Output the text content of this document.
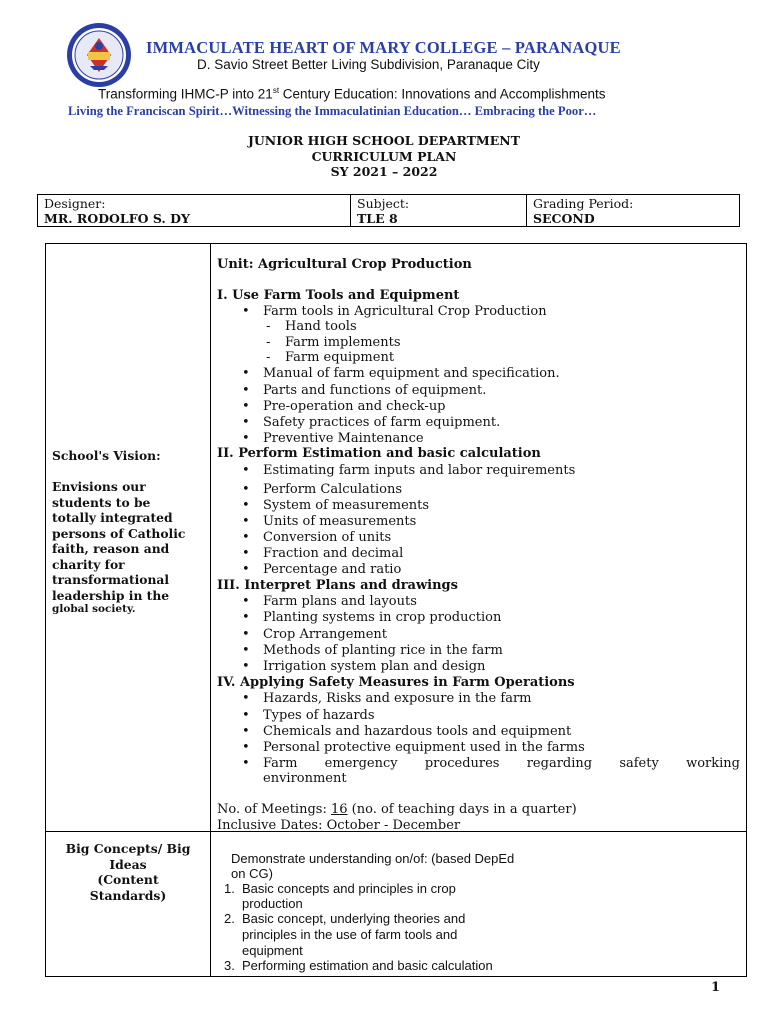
IMMACULATE HEART OF MARY COLLEGE – PARANAQUE
D. Savio Street Better Living Subdivision, Paranaque City
Transforming IHMC-P into 21st Century Education: Innovations and Accomplishments
Living the Franciscan Spirit…Witnessing the Immaculatinian Education… Embracing the Poor…
JUNIOR HIGH SCHOOL DEPARTMENT
CURRICULUM PLAN
SY 2021 – 2022
Designer:
MR. RODOLFO S. DY
Subject:
TLE 8
Grading Period:
SECOND
School's Vision:
Envisions our
students to be
totally integrated
persons of Catholic
faith, reason and
charity for
transformational
leadership in the
global society.
Unit: Agricultural Crop Production
I. Use Farm Tools and Equipment
• Farm tools in Agricultural Crop Production
- Hand tools
- Farm implements
- Farm equipment
• Manual of farm equipment and specification.
• Parts and functions of equipment.
• Pre-operation and check-up
• Safety practices of farm equipment.
• Preventive Maintenance
II. Perform Estimation and basic calculation
• Estimating farm inputs and labor requirements
• Perform Calculations
• System of measurements
• Units of measurements
• Conversion of units
• Fraction and decimal
• Percentage and ratio
III. Interpret Plans and drawings
• Farm plans and layouts
• Planting systems in crop production
• Crop Arrangement
• Methods of planting rice in the farm
• Irrigation system plan and design
IV. Applying Safety Measures in Farm Operations
• Hazards, Risks and exposure in the farm
• Types of hazards
• Chemicals and hazardous tools and equipment
• Personal protective equipment used in the farms
• Farm emergency procedures regarding safety working
environment
No. of Meetings: 16 (no. of teaching days in a quarter)
Inclusive Dates: October - December
Big Concepts/ Big
Ideas
(Content
Standards)
Demonstrate understanding on/of: (based DepEd
on CG)
1. Basic concepts and principles in crop
production
2. Basic concept, underlying theories and
principles in the use of farm tools and
equipment
3. Performing estimation and basic calculation
1
